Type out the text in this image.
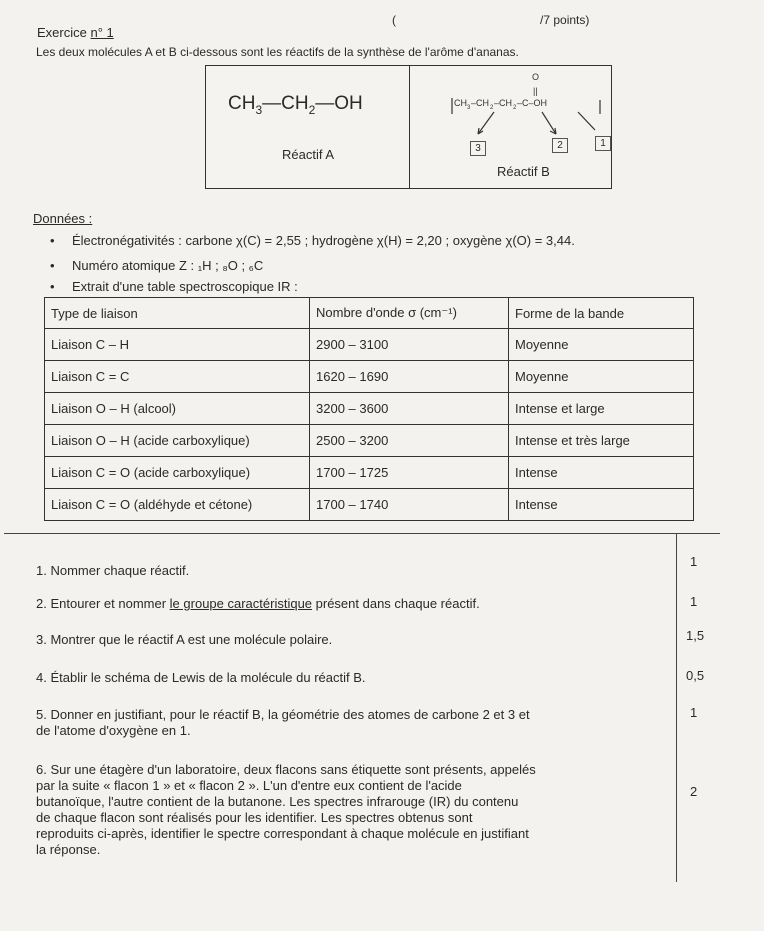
Exercice n° 1
(	/7 points)
Les deux molécules A et B ci-dessous sont les réactifs de la synthèse de l'arôme d'ananas.
$CH_3—CH_2—OH$
Réactif A
CH 3 –CH 2 –CH 2 –C–OH
O
||
3	2	1
Réactif B
Données :
• Électronégativités : carbone χ(C) = 2,55 ; hydrogène χ(H) = 2,20 ; oxygène χ(O) = 3,44.
• Numéro atomique Z : ₁H ; ₈O ; ₆C
• Extrait d'une table spectroscopique IR :
Type de liaison	Nombre d'onde σ (cm⁻¹)	Forme de la bande
Liaison C – H	2900 – 3100	Moyenne
Liaison C = C	1620 – 1690	Moyenne
Liaison O – H (alcool)	3200 – 3600	Intense et large
Liaison O – H (acide carboxylique)	2500 – 3200	Intense et très large
Liaison C = O (acide carboxylique)	1700 – 1725	Intense
Liaison C = O (aldéhyde et cétone)	1700 – 1740	Intense
1. Nommer chaque réactif.
1
2. Entourer et nommer le groupe caractéristique présent dans chaque réactif.	1
3. Montrer que le réactif A est une molécule polaire.	1,5
4. Établir le schéma de Lewis de la molécule du réactif B.	0,5
5. Donner en justifiant, pour le réactif B, la géométrie des atomes de carbone 2 et 3 et
de l'atome d'oxygène en 1.
1
6. Sur une étagère d'un laboratoire, deux flacons sans étiquette sont présents, appelés
par la suite « flacon 1 » et « flacon 2 ». L'un d'entre eux contient de l'acide
butanoïque, l'autre contient de la butanone. Les spectres infrarouge (IR) du contenu
de chaque flacon sont réalisés pour les identifier. Les spectres obtenus sont
reproduits ci-après, identifier le spectre correspondant à chaque molécule en justifiant
la réponse.
2
